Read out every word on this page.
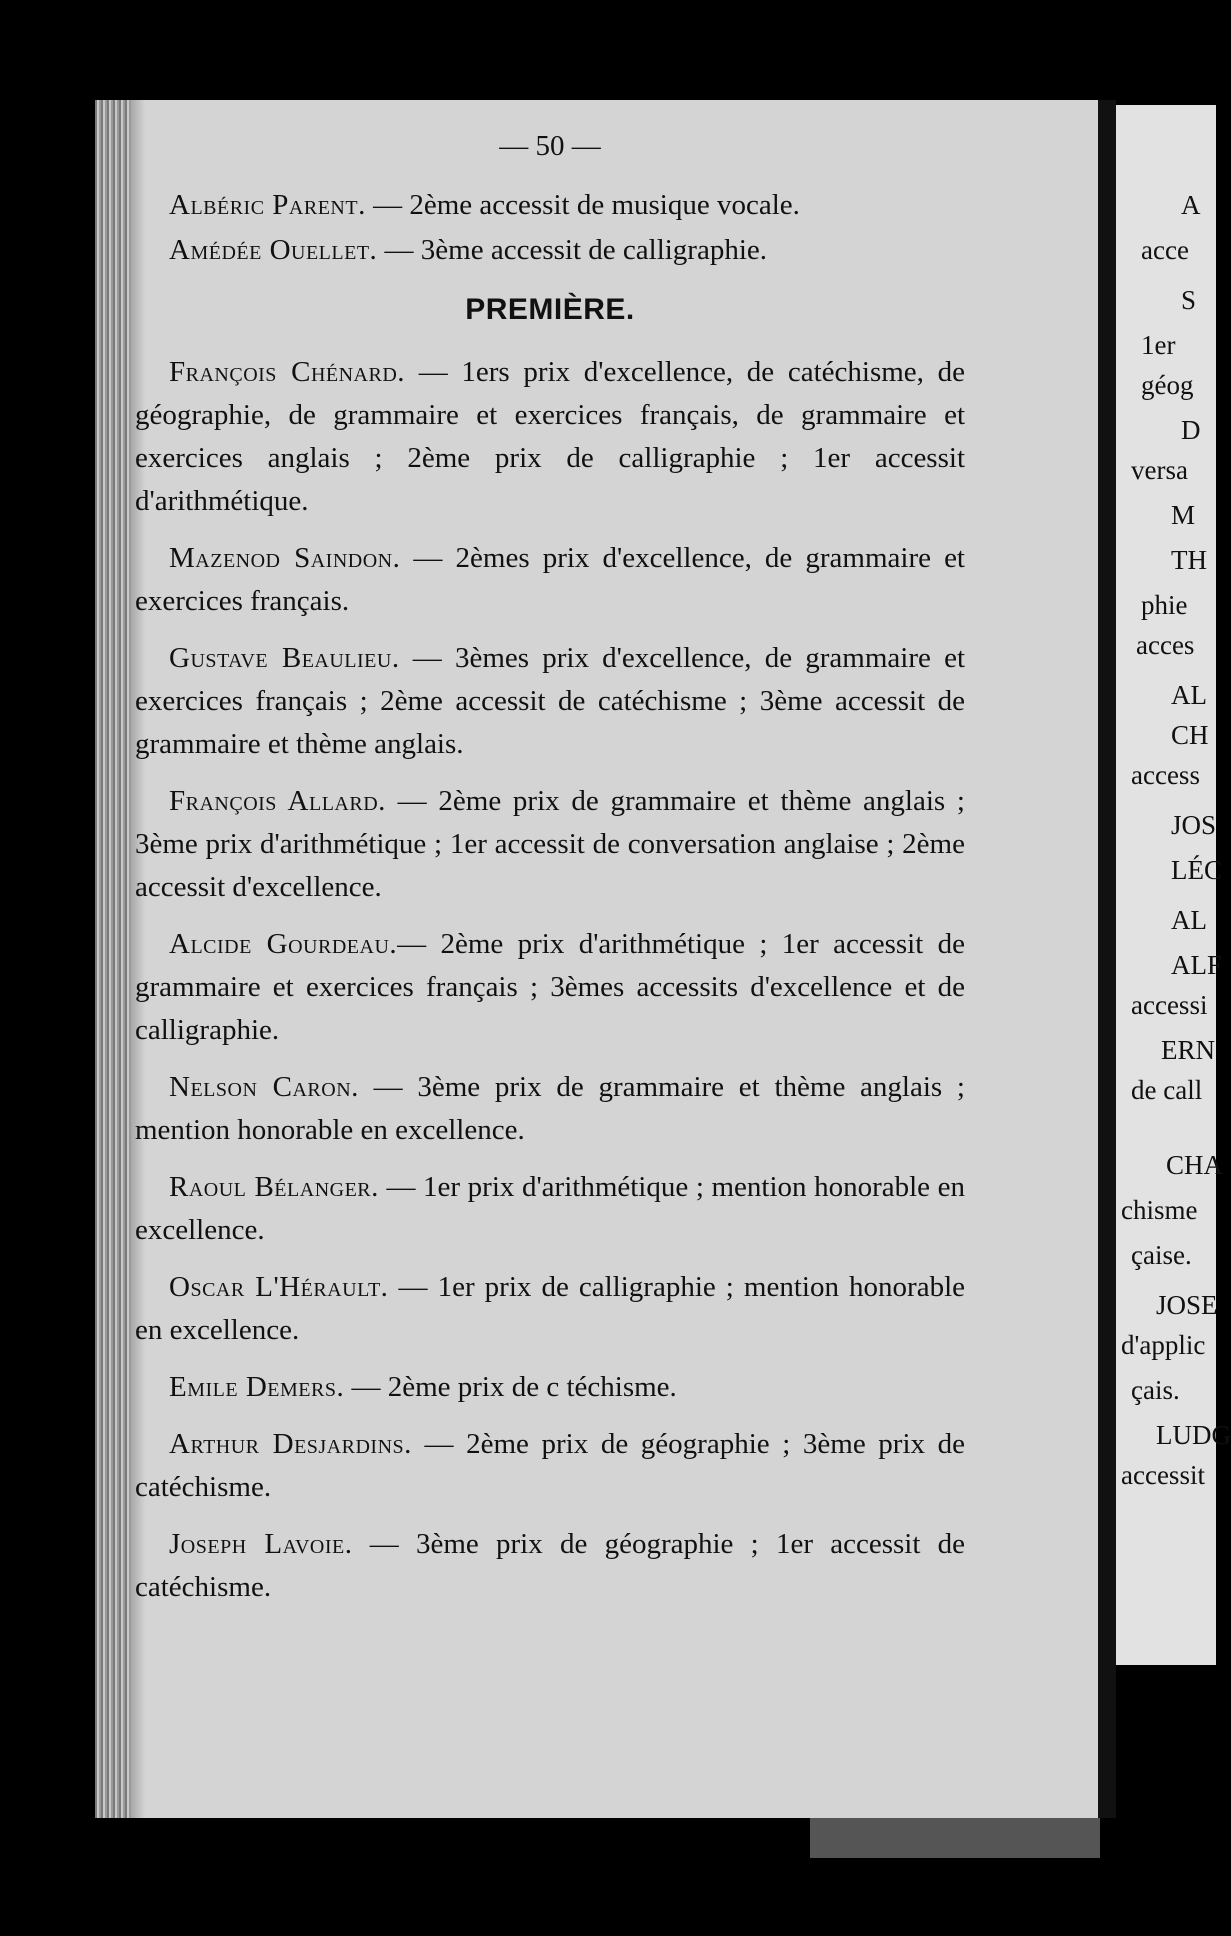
A
acce
S
1er
géog
D
versa
M
TH
phie
acces
AL
CH
access
JOS
LÉC
AL
ALF
accessi
ERN
de call
CHA
chisme
çaise.
JOSE
d'applic
çais.
LUDG
accessit
— 50 —

Albéric Parent. — 2ème accessit de musique vocale.

Amédée Ouellet. — 3ème accessit de calligraphie.

PREMIÈRE.

François Chénard. — 1ers prix d'excellence, de catéchisme, de géographie, de grammaire et exercices français, de grammaire et exercices anglais ; 2ème prix de calligraphie ; 1er accessit d'arithmétique.

Mazenod Saindon. — 2èmes prix d'excellence, de grammaire et exercices français.

Gustave Beaulieu. — 3èmes prix d'excellence, de grammaire et exercices français ; 2ème accessit de catéchisme ; 3ème accessit de grammaire et thème anglais.

François Allard. — 2ème prix de grammaire et thème anglais ; 3ème prix d'arithmétique ; 1er accessit de conversation anglaise ; 2ème accessit d'excellence.

Alcide Gourdeau.— 2ème prix d'arithmétique ; 1er accessit de grammaire et exercices français ; 3èmes accessits d'excellence et de calligraphie.

Nelson Caron. — 3ème prix de grammaire et thème anglais ; mention honorable en excellence.

Raoul Bélanger. — 1er prix d'arithmétique ; mention honorable en excellence.

Oscar L'Hérault. — 1er prix de calligraphie ; mention honorable en excellence.

Emile Demers. — 2ème prix de c téchisme.

Arthur Desjardins. — 2ème prix de géographie ; 3ème prix de catéchisme.

Joseph Lavoie. — 3ème prix de géographie ; 1er accessit de catéchisme.
